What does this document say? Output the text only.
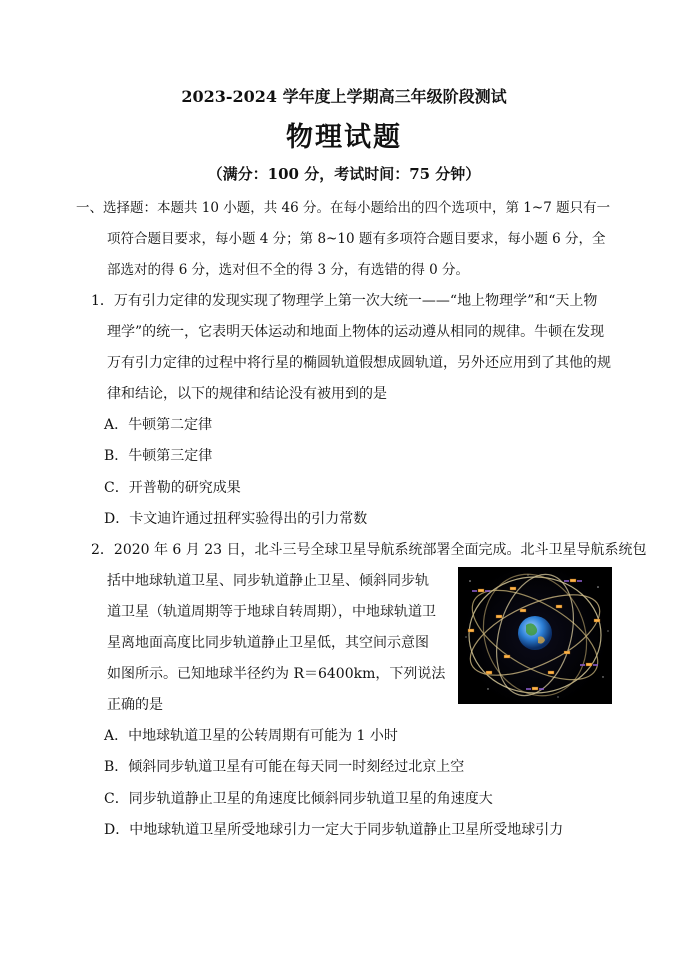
2023-2024 学年度上学期高三年级阶段测试
物理试题
（满分：100 分，考试时间：75 分钟）
一、选择题：本题共 10 小题，共 46 分。在每小题给出的四个选项中，第 1~7 题只有一
项符合题目要求，每小题 4 分；第 8~10 题有多项符合题目要求，每小题 6 分，全
部选对的得 6 分，选对但不全的得 3 分，有选错的得 0 分。
1．万有引力定律的发现实现了物理学上第一次大统一——“地上物理学”和“天上物
理学”的统一，它表明天体运动和地面上物体的运动遵从相同的规律。牛顿在发现
万有引力定律的过程中将行星的椭圆轨道假想成圆轨道，另外还应用到了其他的规
律和结论，以下的规律和结论没有被用到的是
A．牛顿第二定律
B．牛顿第三定律
C．开普勒的研究成果
D．卡文迪许通过扭秤实验得出的引力常数
2．2020 年 6 月 23 日，北斗三号全球卫星导航系统部署全面完成。北斗卫星导航系统包
括中地球轨道卫星、同步轨道静止卫星、倾斜同步轨
道卫星（轨道周期等于地球自转周期），中地球轨道卫
星离地面高度比同步轨道静止卫星低，其空间示意图
如图所示。已知地球半径约为 R＝6400km，下列说法
正确的是
A．中地球轨道卫星的公转周期有可能为 1 小时
B．倾斜同步轨道卫星有可能在每天同一时刻经过北京上空
C．同步轨道静止卫星的角速度比倾斜同步轨道卫星的角速度大
D．中地球轨道卫星所受地球引力一定大于同步轨道静止卫星所受地球引力
